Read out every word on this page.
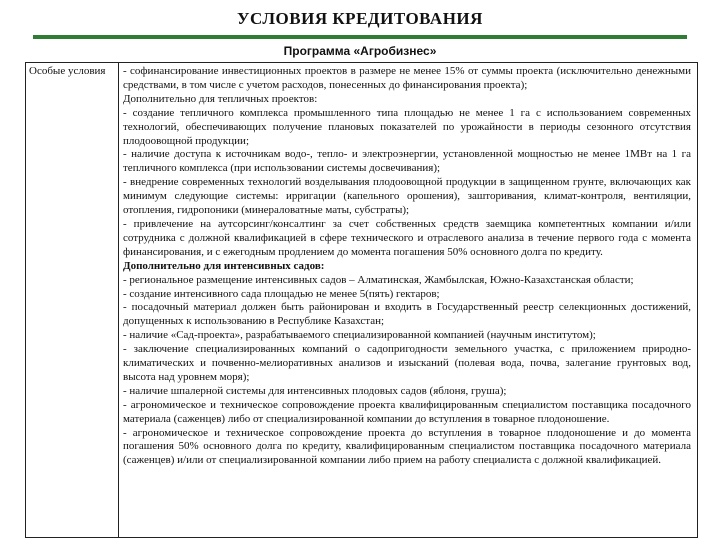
УСЛОВИЯ КРЕДИТОВАНИЯ
Программа «Агробизнес»
Особые условия - софинансирование инвестиционных проектов в размере не менее 15% от суммы проекта (исключительно денежными средствами, в том числе с учетом расходов, понесенных до финансирования проекта);

Дополнительно для тепличных проектов:

- создание тепличного комплекса промышленного типа площадью не менее 1 га с использованием современных технологий, обеспечивающих получение плановых показателей по урожайности в периоды сезонного отсутствия плодоовощной продукции;

- наличие доступа к источникам водо-, тепло- и электроэнергии, установленной мощностью не менее 1МВт на 1 га тепличного комплекса (при использовании системы досвечивания);

- внедрение современных технологий возделывания плодоовощной продукции в защищенном грунте, включающих как минимум следующие системы: ирригации (капельного орошения), зашторивания, климат-контроля, вентиляции, отопления, гидропоники (минераловатные маты, субстраты);

- привлечение на аутсорсинг/консалтинг за счет собственных средств заемщика компетентных компании и/или сотрудника с должной квалификацией в сфере технического и отраслевого анализа в течение первого года с момента финансирования, и с ежегодным продлением до момента погашения 50% основного долга по кредиту.

Дополнительно для интенсивных садов:

- региональное размещение интенсивных садов – Алматинская, Жамбылская, Южно-Казахстанская области;

- создание интенсивного сада площадью не менее 5(пять) гектаров;

- посадочный материал должен быть районирован и входить в Государственный реестр селекционных достижений, допущенных к использованию в Республике Казахстан;

- наличие «Сад-проекта», разрабатываемого специализированной компанией (научным институтом);

- заключение специализированных компаний о садопригодности земельного участка, с приложением природно-климатических и почвенно-мелиоративных анализов и изысканий (полевая вода, почва, залегание грунтовых вод, высота над уровнем моря);

- наличие шпалерной системы для интенсивных плодовых садов (яблоня, груша);

- агрономическое и техническое сопровождение проекта квалифицированным специалистом поставщика посадочного материала (саженцев) либо от специализированной компании до вступления в товарное плодоношение.

- агрономическое и техническое сопровождение проекта до вступления в товарное плодоношение и до момента погашения 50% основного долга по кредиту, квалифицированным специалистом поставщика посадочного материала (саженцев) и/или от специализированной компании либо прием на работу специалиста с должной квалификацией.
